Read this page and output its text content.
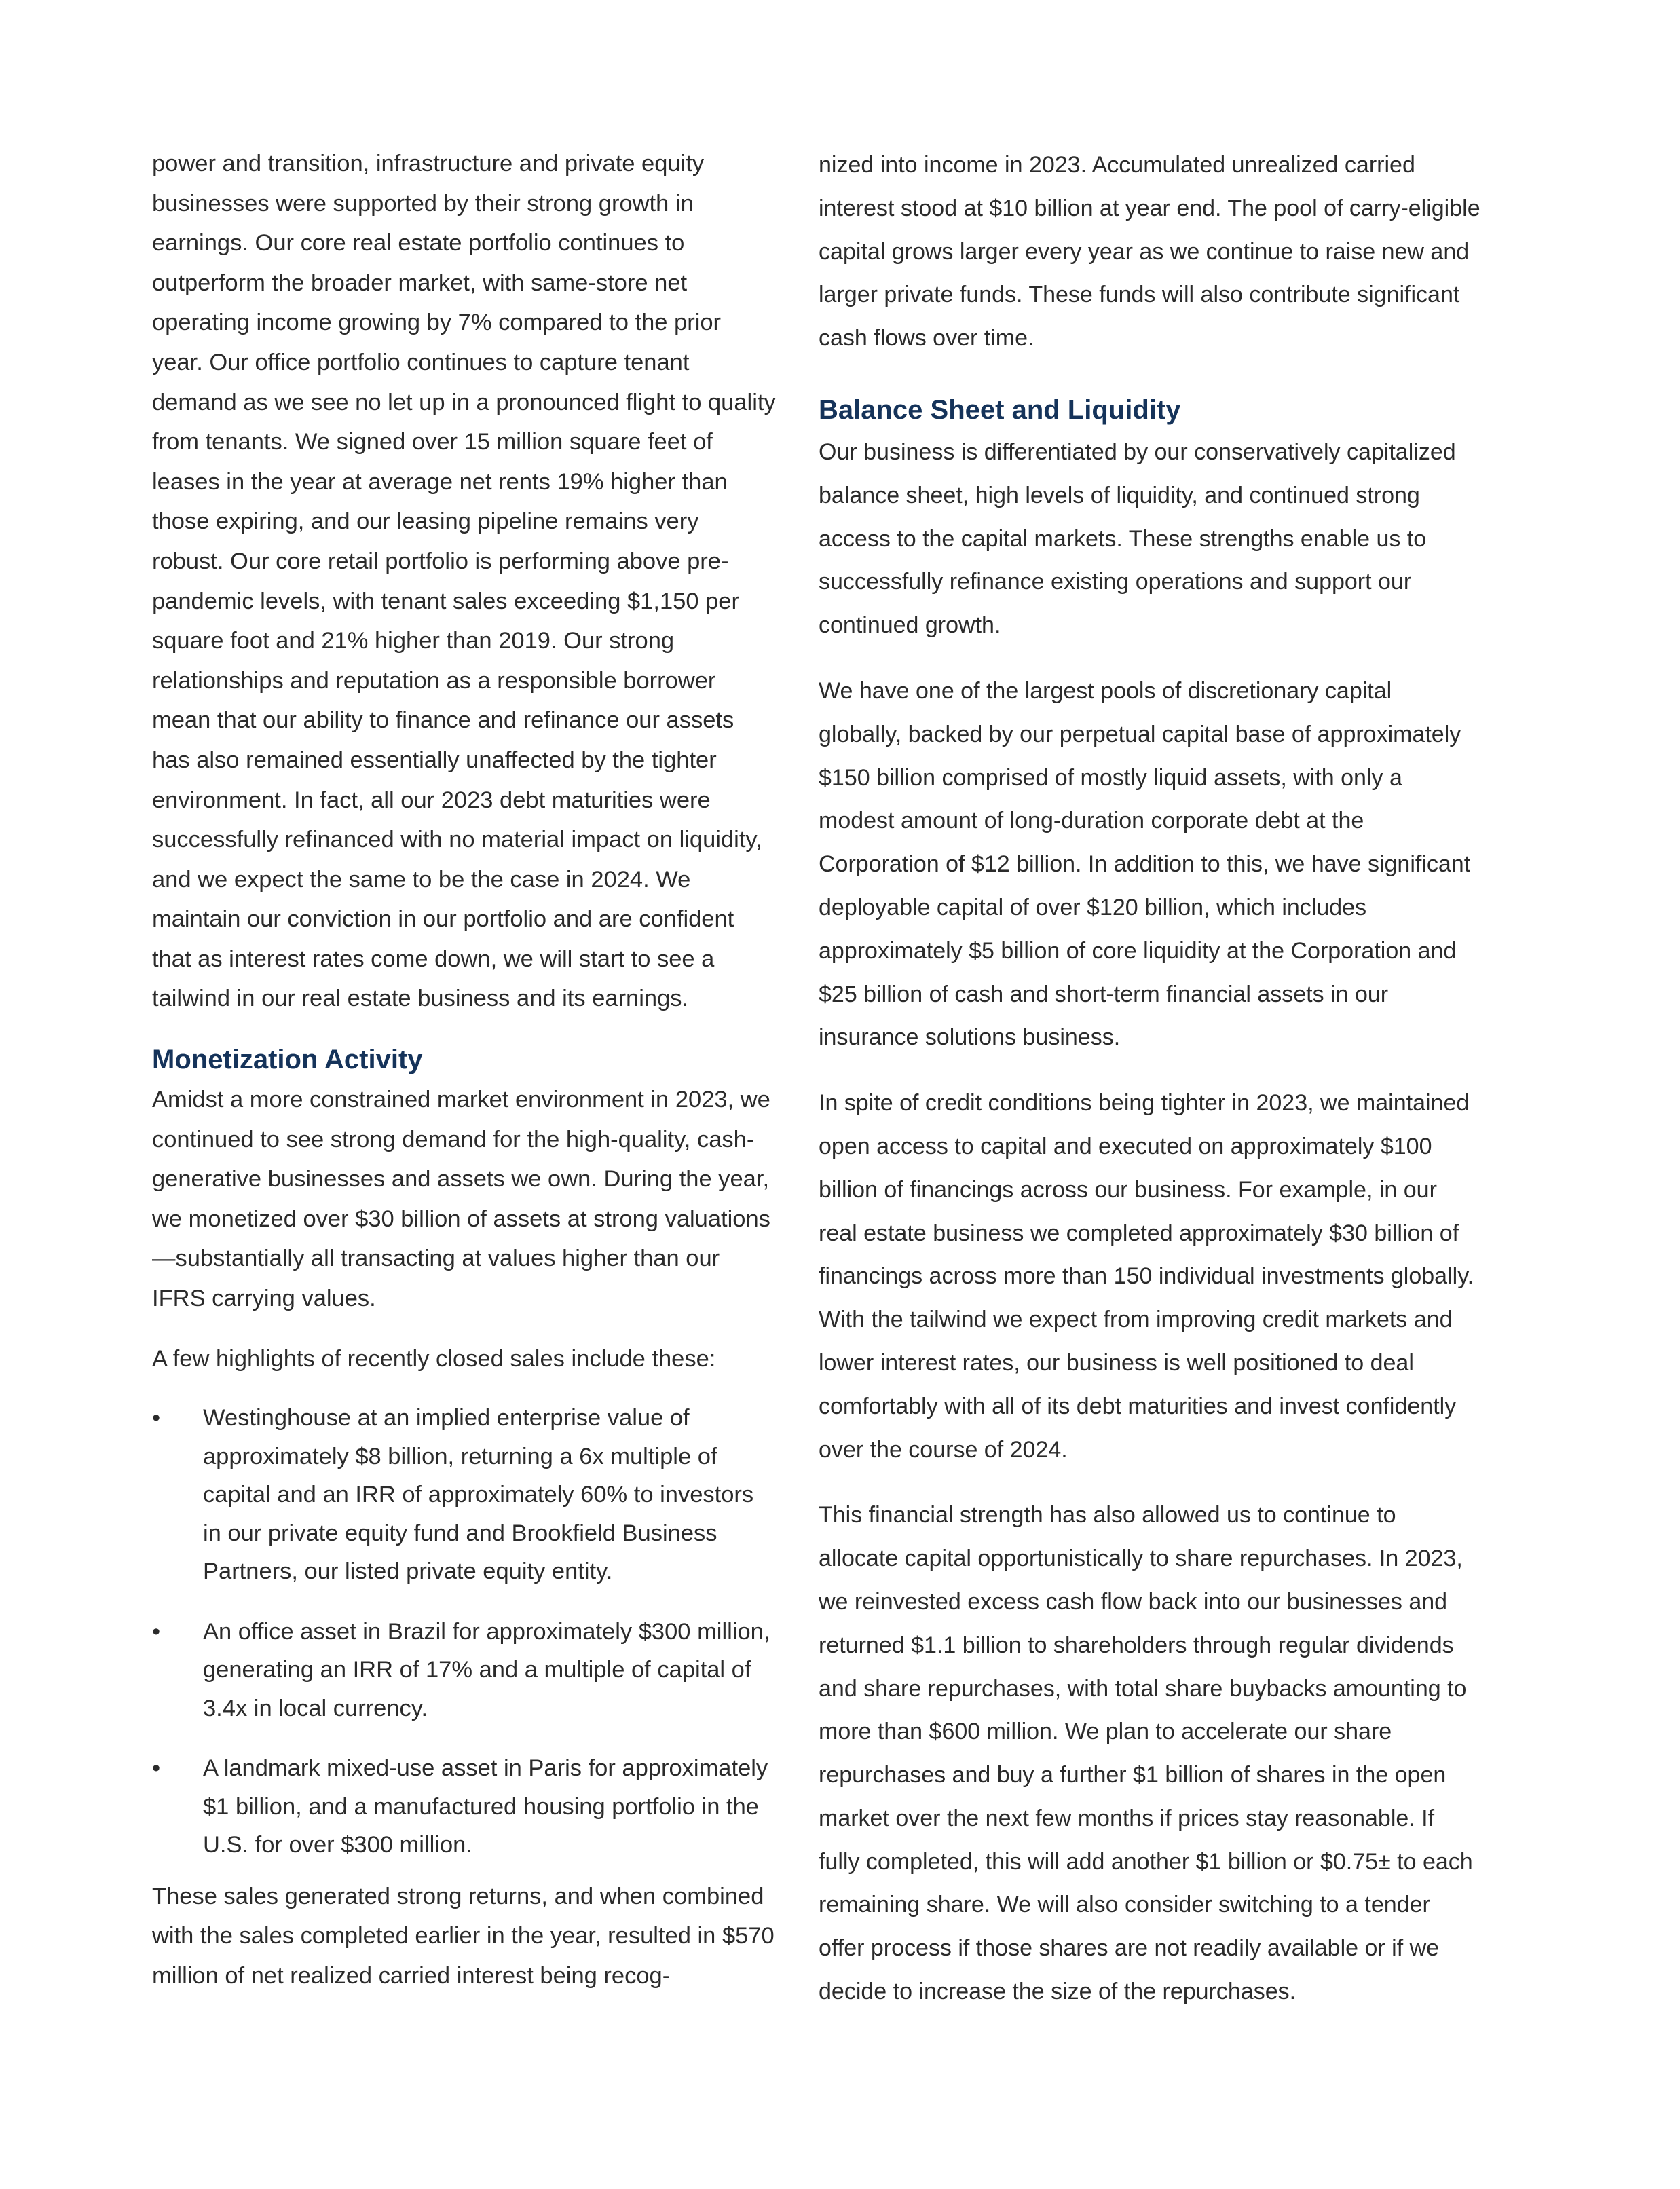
power and transition, infrastructure and private equity businesses were supported by their strong growth in earnings. Our core real estate portfolio continues to outperform the broader market, with same-store net operating income growing by 7% compared to the prior year. Our office portfolio continues to capture tenant demand as we see no let up in a pronounced flight to quality from tenants. We signed over 15 million square feet of leases in the year at average net rents 19% higher than those expiring, and our leasing pipeline remains very robust. Our core retail portfolio is performing above pre-pandemic levels, with tenant sales exceeding $1,150 per square foot and 21% higher than 2019. Our strong relationships and reputation as a responsible borrower mean that our ability to finance and refinance our assets has also remained essentially unaffected by the tighter environment. In fact, all our 2023 debt maturities were successfully refinanced with no material impact on liquidity, and we expect the same to be the case in 2024. We maintain our conviction in our portfolio and are confident that as interest rates come down, we will start to see a tailwind in our real estate business and its earnings.

Monetization Activity

Amidst a more constrained market environment in 2023, we continued to see strong demand for the high-quality, cash-generative businesses and assets we own. During the year, we monetized over $30 billion of assets at strong valuations—substantially all transacting at values higher than our IFRS carrying values.

A few highlights of recently closed sales include these:

•	Westinghouse at an implied enterprise value of approximately $8 billion, returning a 6x multiple of capital and an IRR of approximately 60% to investors in our private equity fund and Brookfield Business Partners, our listed private equity entity.
•	An office asset in Brazil for approximately $300 million, generating an IRR of 17% and a multiple of capital of 3.4x in local currency.
•	A landmark mixed-use asset in Paris for approximately $1 billion, and a manufactured housing portfolio in the U.S. for over $300 million.

These sales generated strong returns, and when combined with the sales completed earlier in the year, resulted in $570 million of net realized carried interest being recog-

nized into income in 2023. Accumulated unrealized carried interest stood at $10 billion at year end. The pool of carry-eligible capital grows larger every year as we continue to raise new and larger private funds. These funds will also contribute significant cash flows over time.

Balance Sheet and Liquidity

Our business is differentiated by our conservatively capitalized balance sheet, high levels of liquidity, and continued strong access to the capital markets. These strengths enable us to successfully refinance existing operations and support our continued growth.

We have one of the largest pools of discretionary capital globally, backed by our perpetual capital base of approximately $150 billion comprised of mostly liquid assets, with only a modest amount of long-duration corporate debt at the Corporation of $12 billion. In addition to this, we have significant deployable capital of over $120 billion, which includes approximately $5 billion of core liquidity at the Corporation and $25 billion of cash and short-term financial assets in our insurance solutions business.

In spite of credit conditions being tighter in 2023, we maintained open access to capital and executed on approximately $100 billion of financings across our business. For example, in our real estate business we completed approximately $30 billion of financings across more than 150 individual investments globally. With the tailwind we expect from improving credit markets and lower interest rates, our business is well positioned to deal comfortably with all of its debt maturities and invest confidently over the course of 2024.

This financial strength has also allowed us to continue to allocate capital opportunistically to share repurchases. In 2023, we reinvested excess cash flow back into our businesses and returned $1.1 billion to shareholders through regular dividends and share repurchases, with total share buybacks amounting to more than $600 million. We plan to accelerate our share repurchases and buy a further $1 billion of shares in the open market over the next few months if prices stay reasonable. If fully completed, this will add another $1 billion or $0.75± to each remaining share. We will also consider switching to a tender offer process if those shares are not readily available or if we decide to increase the size of the repurchases.
